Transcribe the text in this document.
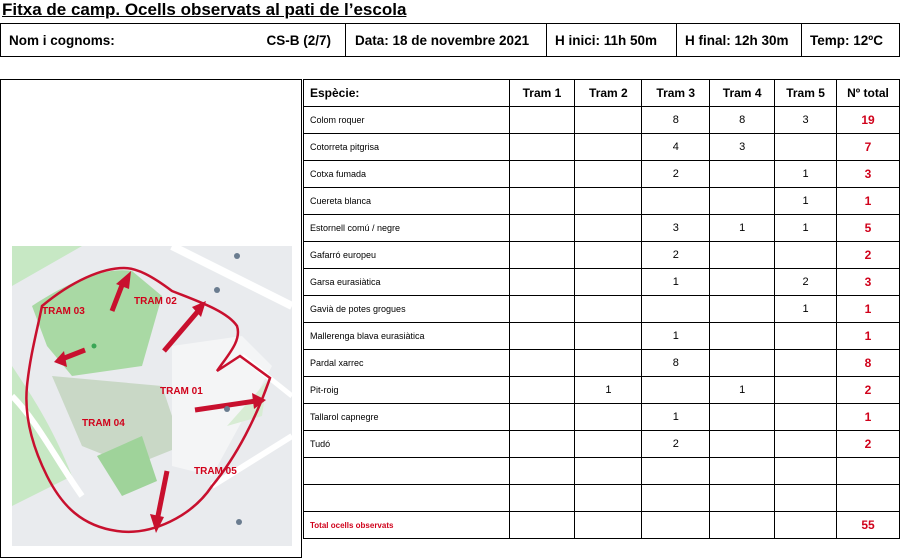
Fitxa de camp. Ocells observats al pati de l’escola
Nom i cognoms:	CS-B (2/7) Data: 18 de novembre 2021 H inici: 11h 50m H final: 12h 30m Temp: 12ºC
TRAM 01
TRAM 02
TRAM 03
TRAM 04
TRAM 05
Espècie:	Tram 1	Tram 2	Tram 3	Tram 4	Tram 5	Nº total
Colom roquer			8	8	3	19
Cotorreta pitgrisa			4	3		7
Cotxa fumada			2		1	3
Cuereta blanca					1	1
Estornell comú / negre			3	1	1	5
Gafarró europeu			2			2
Garsa eurasiàtica			1		2	3
Gavià de potes grogues					1	1
Mallerenga blava eurasiàtica			1			1
Pardal xarrec			8			8
Pit-roig		1		1		2
Tallarol capnegre			1			1
Tudó			2			2

Total ocells observats						55
